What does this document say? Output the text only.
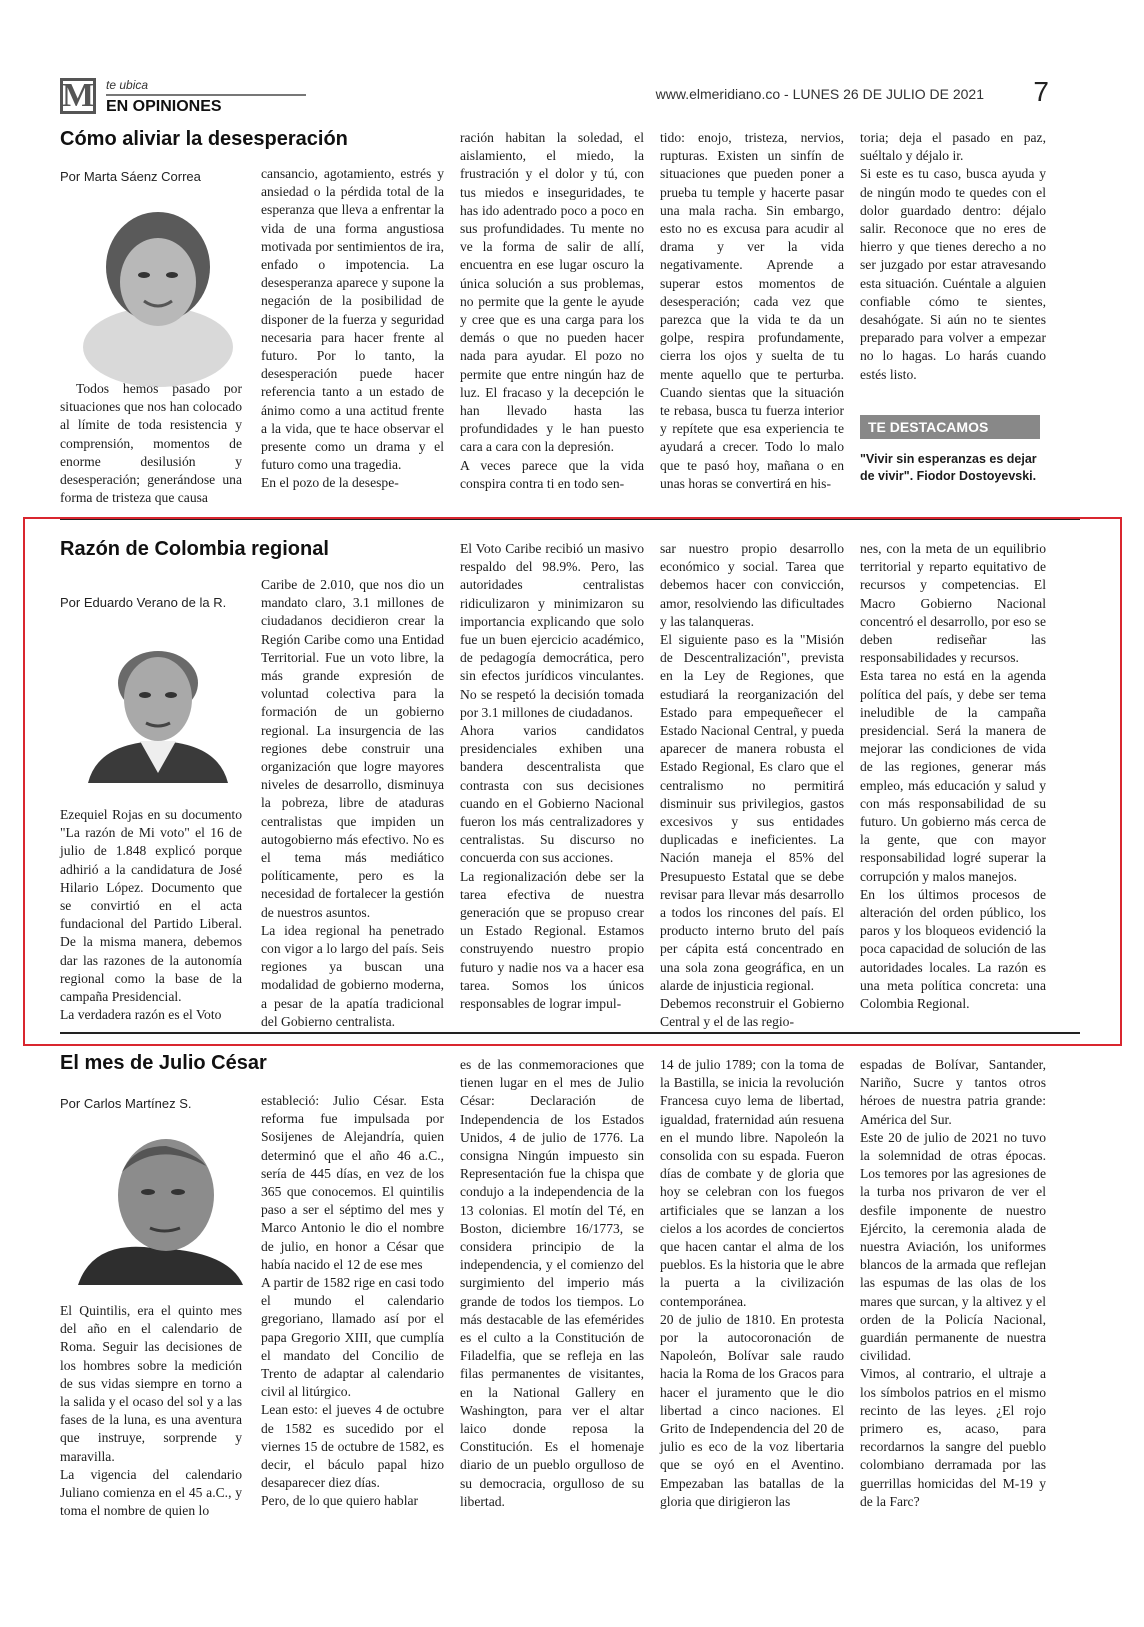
M te ubica
EN OPINIONES
www.elmeridiano.co - LUNES 26 DE JULIO DE 2021 7
Cómo aliviar la desesperación
Por Marta Sáenz Correa

Todos hemos pasado por situaciones que nos han colocado al límite de toda resistencia y comprensión, momentos de enorme desilusión y desesperación; generándose una forma de tristeza que causa

cansancio, agotamiento, estrés y ansiedad o la pérdida total de la esperanza que lleva a enfrentar la vida de una forma angustiosa motivada por sentimientos de ira, enfado o impotencia. La desesperanza aparece y supone la negación de la posibilidad de disponer de la fuerza y seguridad necesaria para hacer frente al futuro. Por lo tanto, la desesperación puede hacer referencia tanto a un estado de ánimo como a una actitud frente a la vida, que te hace observar el presente como un drama y el futuro como una tragedia.
En el pozo de la desespe-
ración habitan la soledad, el aislamiento, el miedo, la frustración y el dolor y tú, con tus miedos e inseguridades, te has ido adentrado poco a poco en sus profundidades. Tu mente no ve la forma de salir de allí, encuentra en ese lugar oscuro la única solución a sus problemas, no permite que la gente le ayude y cree que es una carga para los demás o que no pueden hacer nada para ayudar. El pozo no permite que entre ningún haz de luz. El fracaso y la decepción le han llevado hasta las profundidades y le han puesto cara a cara con la depresión.
A veces parece que la vida conspira contra ti en todo sen-
tido: enojo, tristeza, nervios, rupturas. Existen un sinfín de situaciones que pueden poner a prueba tu temple y hacerte pasar una mala racha. Sin embargo, esto no es excusa para acudir al drama y ver la vida negativamente. Aprende a superar estos momentos de desesperación; cada vez que parezca que la vida te da un golpe, respira profundamente, cierra los ojos y suelta de tu mente aquello que te perturba. Cuando sientas que la situación te rebasa, busca tu fuerza interior y repítete que esa experiencia te ayudará a crecer. Todo lo malo que te pasó hoy, mañana o en unas horas se convertirá en his-
toria; deja el pasado en paz, suéltalo y déjalo ir.
Si este es tu caso, busca ayuda y de ningún modo te quedes con el dolor guardado dentro: déjalo salir. Reconoce que no eres de hierro y que tienes derecho a no ser juzgado por estar atravesando esta situación. Cuéntale a alguien confiable cómo te sientes, desahógate. Si aún no te sientes preparado para volver a empezar no lo hagas. Lo harás cuando estés listo.
TE DESTACAMOS
"Vivir sin esperanzas es dejar de vivir". Fiodor Dostoyevski.
Razón de Colombia regional
Por Eduardo Verano de la R.
Ezequiel Rojas en su documento "La razón de Mi voto" el 16 de julio de 1.848 explicó porque adhirió a la candidatura de José Hilario López. Documento que se convirtió en el acta fundacional del Partido Liberal. De la misma manera, debemos dar las razones de la autonomía regional como la base de la campaña Presidencial.
La verdadera razón es el Voto
Caribe de 2.010, que nos dio un mandato claro, 3.1 millones de ciudadanos decidieron crear la Región Caribe como una Entidad Territorial. Fue un voto libre, la más grande expresión de voluntad colectiva para la formación de un gobierno regional. La insurgencia de las regiones debe construir una organización que logre mayores niveles de desarrollo, disminuya la pobreza, libre de ataduras centralistas que impiden un autogobierno más efectivo. No es el tema más mediático políticamente, pero es la necesidad de fortalecer la gestión de nuestros asuntos.
La idea regional ha penetrado con vigor a lo largo del país. Seis regiones ya buscan una modalidad de gobierno moderna, a pesar de la apatía tradicional del Gobierno centralista.
El Voto Caribe recibió un masivo respaldo del 98.9%. Pero, las autoridades centralistas ridiculizaron y minimizaron su importancia explicando que solo fue un buen ejercicio académico, de pedagogía democrática, pero sin efectos jurídicos vinculantes. No se respetó la decisión tomada por 3.1 millones de ciudadanos.
Ahora varios candidatos presidenciales exhiben una bandera descentralista que contrasta con sus decisiones cuando en el Gobierno Nacional fueron los más centralizadores y centralistas. Su discurso no concuerda con sus acciones.
La regionalización debe ser la tarea efectiva de nuestra generación que se propuso crear un Estado Regional. Estamos construyendo nuestro propio futuro y nadie nos va a hacer esa tarea. Somos los únicos responsables de lograr impul-
sar nuestro propio desarrollo económico y social. Tarea que debemos hacer con convicción, amor, resolviendo las dificultades y las talanqueras.
El siguiente paso es la "Misión de Descentralización", prevista en la Ley de Regiones, que estudiará la reorganización del Estado para empequeñecer el Estado Nacional Central, y pueda aparecer de manera robusta el Estado Regional, Es claro que el centralismo no permitirá disminuir sus privilegios, gastos excesivos y sus entidades duplicadas e ineficientes. La Nación maneja el 85% del Presupuesto Estatal que se debe revisar para llevar más desarrollo a todos los rincones del país. El producto interno bruto del país per cápita está concentrado en una sola zona geográfica, en un alarde de injusticia regional.
Debemos reconstruir el Gobierno Central y el de las regio-
nes, con la meta de un equilibrio territorial y reparto equitativo de recursos y competencias. El Macro Gobierno Nacional concentró el desarrollo, por eso se deben rediseñar las responsabilidades y recursos.
Esta tarea no está en la agenda política del país, y debe ser tema ineludible de la campaña presidencial. Será la manera de mejorar las condiciones de vida de las regiones, generar más empleo, más educación y salud y con más responsabilidad de su futuro. Un gobierno más cerca de la gente, que con mayor responsabilidad logré superar la corrupción y malos manejos.
En los últimos procesos de alteración del orden público, los paros y los bloqueos evidenció la poca capacidad de solución de las autoridades locales. La razón es una meta política concreta: una Colombia Regional.
El mes de Julio César
Por Carlos Martínez S.
El Quintilis, era el quinto mes del año en el calendario de Roma. Seguir las decisiones de los hombres sobre la medición de sus vidas siempre en torno a la salida y el ocaso del sol y a las fases de la luna, es una aventura que instruye, sorprende y maravilla.
La vigencia del calendario Juliano comienza en el 45 a.C., y toma el nombre de quien lo
estableció: Julio César. Esta reforma fue impulsada por Sosijenes de Alejandría, quien determinó que el año 46 a.C., sería de 445 días, en vez de los 365 que conocemos. El quintilis paso a ser el séptimo del mes y Marco Antonio le dio el nombre de julio, en honor a César que había nacido el 12 de ese mes
A partir de 1582 rige en casi todo el mundo el calendario gregoriano, llamado así por el papa Gregorio XIII, que cumplía el mandato del Concilio de Trento de adaptar al calendario civil al litúrgico.
Lean esto: el jueves 4 de octubre de 1582 es sucedido por el viernes 15 de octubre de 1582, es decir, el báculo papal hizo desaparecer diez días.
Pero, de lo que quiero hablar
es de las conmemoraciones que tienen lugar en el mes de Julio César: Declaración de Independencia de los Estados Unidos, 4 de julio de 1776. La consigna Ningún impuesto sin Representación fue la chispa que condujo a la independencia de la 13 colonias. El motín del Té, en Boston, diciembre 16/1773, se considera principio de la independencia, y el comienzo del surgimiento del imperio más grande de todos los tiempos. Lo más destacable de las efemérides es el culto a la Constitución de Filadelfia, que se refleja en las filas permanentes de visitantes, en la National Gallery en Washington, para ver el altar laico donde reposa la Constitución. Es el homenaje diario de un pueblo orgulloso de su democracia, orgulloso de su libertad.
14 de julio 1789; con la toma de la Bastilla, se inicia la revolución Francesa cuyo lema de libertad, igualdad, fraternidad aún resuena en el mundo libre. Napoleón la consolida con su espada. Fueron días de combate y de gloria que hoy se celebran con los fuegos artificiales que se lanzan a los cielos a los acordes de conciertos que hacen cantar el alma de los pueblos. Es la historia que le abre la puerta a la civilización contemporánea.
20 de julio de 1810. En protesta por la autocoronación de Napoleón, Bolívar sale raudo hacia la Roma de los Gracos para hacer el juramento que le dio libertad a cinco naciones. El Grito de Independencia del 20 de julio es eco de la voz libertaria que se oyó en el Aventino. Empezaban las batallas de la gloria que dirigieron las
espadas de Bolívar, Santander, Nariño, Sucre y tantos otros héroes de nuestra patria grande: América del Sur.
Este 20 de julio de 2021 no tuvo la solemnidad de otras épocas. Los temores por las agresiones de la turba nos privaron de ver el desfile imponente de nuestro Ejército, la ceremonia alada de nuestra Aviación, los uniformes blancos de la armada que reflejan las espumas de las olas de los mares que surcan, y la altivez y el orden de la Policía Nacional, guardián permanente de nuestra civilidad.
Vimos, al contrario, el ultraje a los símbolos patrios en el mismo recinto de las leyes. ¿El rojo primero es, acaso, para recordarnos la sangre del pueblo colombiano derramada por las guerrillas homicidas del M-19 y de la Farc?
